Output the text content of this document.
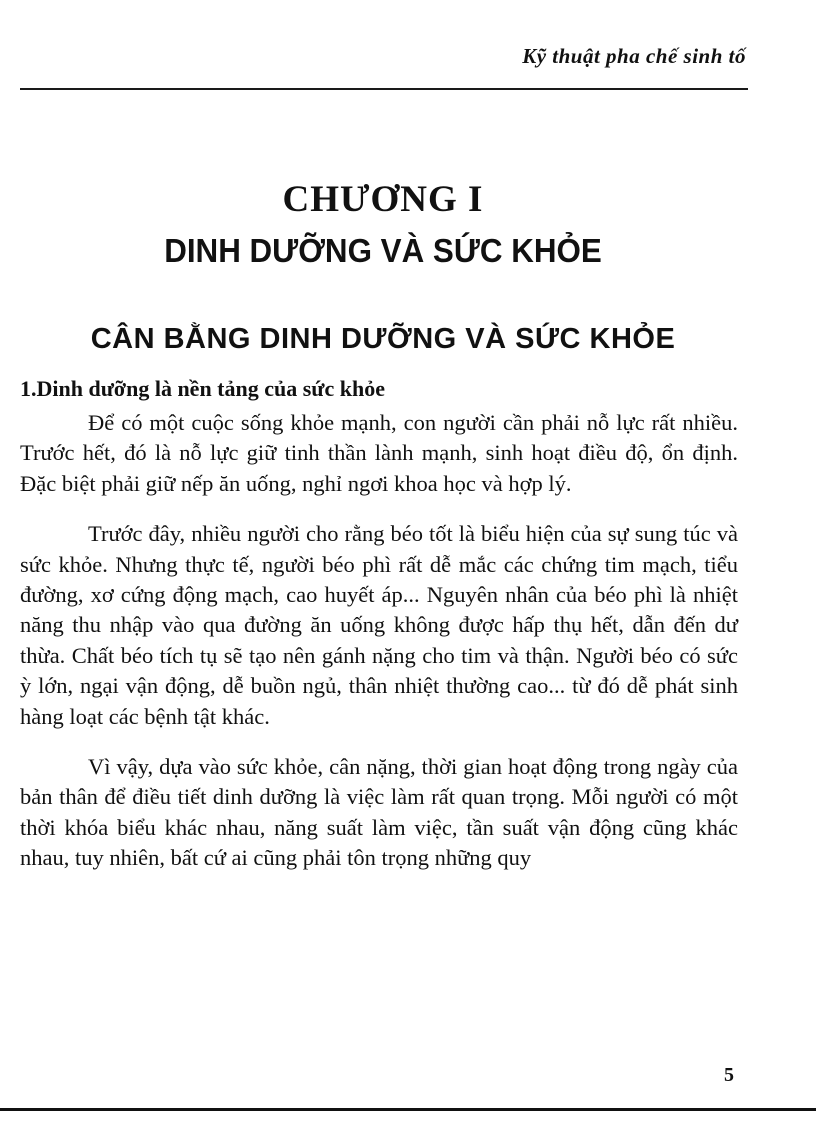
Kỹ thuật pha chế sinh tố
CHƯƠNG I
DINH DƯỠNG VÀ SỨC KHỎE
CÂN BẰNG DINH DƯỠNG VÀ SỨC KHỎE
1.Dinh dưỡng là nền tảng của sức khỏe

Để có một cuộc sống khỏe mạnh, con người cần phải nỗ lực rất nhiều. Trước hết, đó là nỗ lực giữ tinh thần lành mạnh, sinh hoạt điều độ, ổn định. Đặc biệt phải giữ nếp ăn uống, nghỉ ngơi khoa học và hợp lý.

Trước đây, nhiều người cho rằng béo tốt là biểu hiện của sự sung túc và sức khỏe. Nhưng thực tế, người béo phì rất dễ mắc các chứng tim mạch, tiểu đường, xơ cứng động mạch, cao huyết áp... Nguyên nhân của béo phì là nhiệt năng thu nhập vào qua đường ăn uống không được hấp thụ hết, dẫn đến dư thừa. Chất béo tích tụ sẽ tạo nên gánh nặng cho tim và thận. Người béo có sức ỳ lớn, ngại vận động, dễ buồn ngủ, thân nhiệt thường cao... từ đó dễ phát sinh hàng loạt các bệnh tật khác.

Vì vậy, dựa vào sức khỏe, cân nặng, thời gian hoạt động trong ngày của bản thân để điều tiết dinh dưỡng là việc làm rất quan trọng. Mỗi người có một thời khóa biểu khác nhau, năng suất làm việc, tần suất vận động cũng khác nhau, tuy nhiên, bất cứ ai cũng phải tôn trọng những quy

5
